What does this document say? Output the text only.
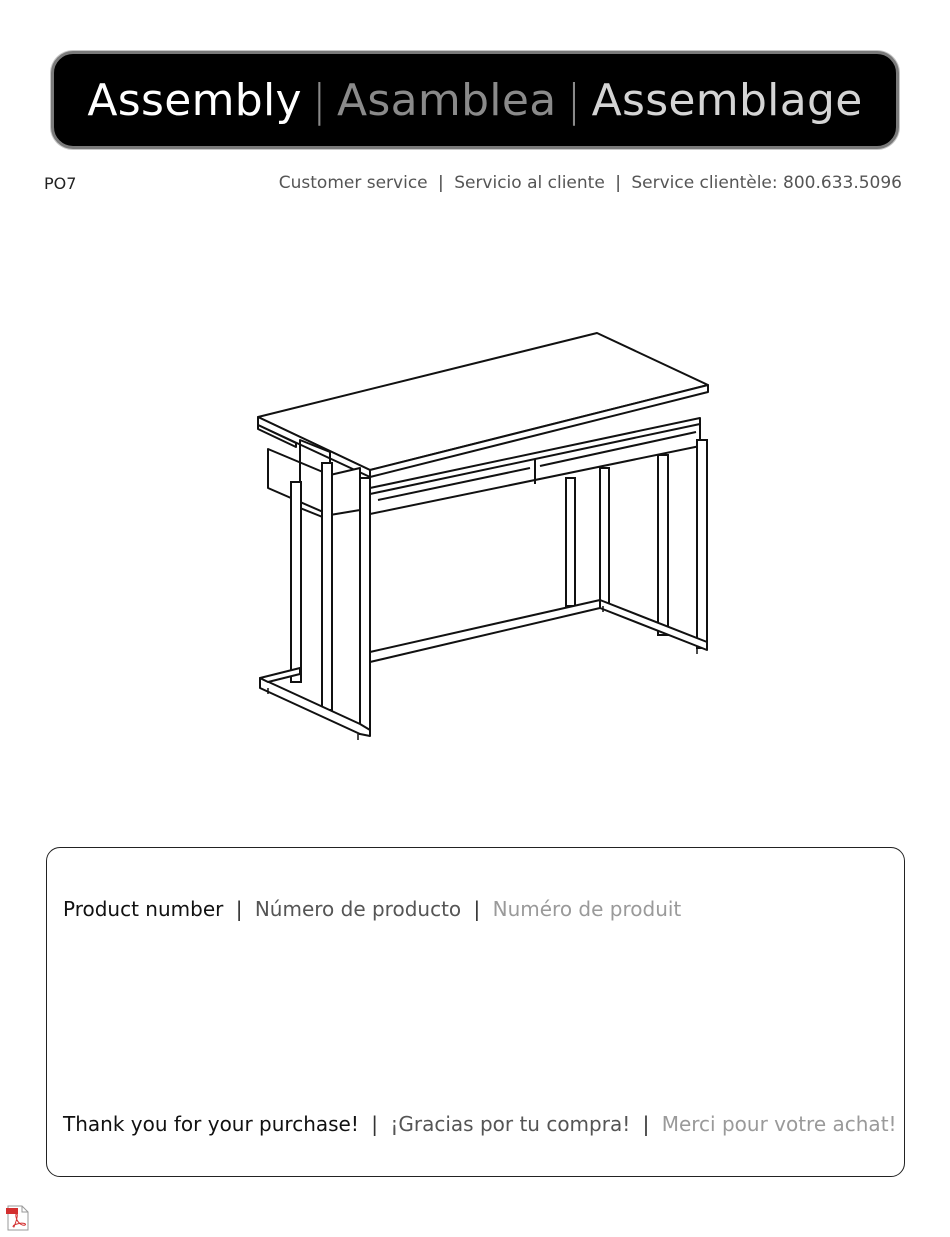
Assembly | Asamblea | Assemblage
PO7	Customer service | Servicio al cliente | Service clientèle: 800.633.5096
Product number | Número de producto | Numéro de produit
Thank you for your purchase! | ¡Gracias por tu compra! | Merci pour votre achat!
